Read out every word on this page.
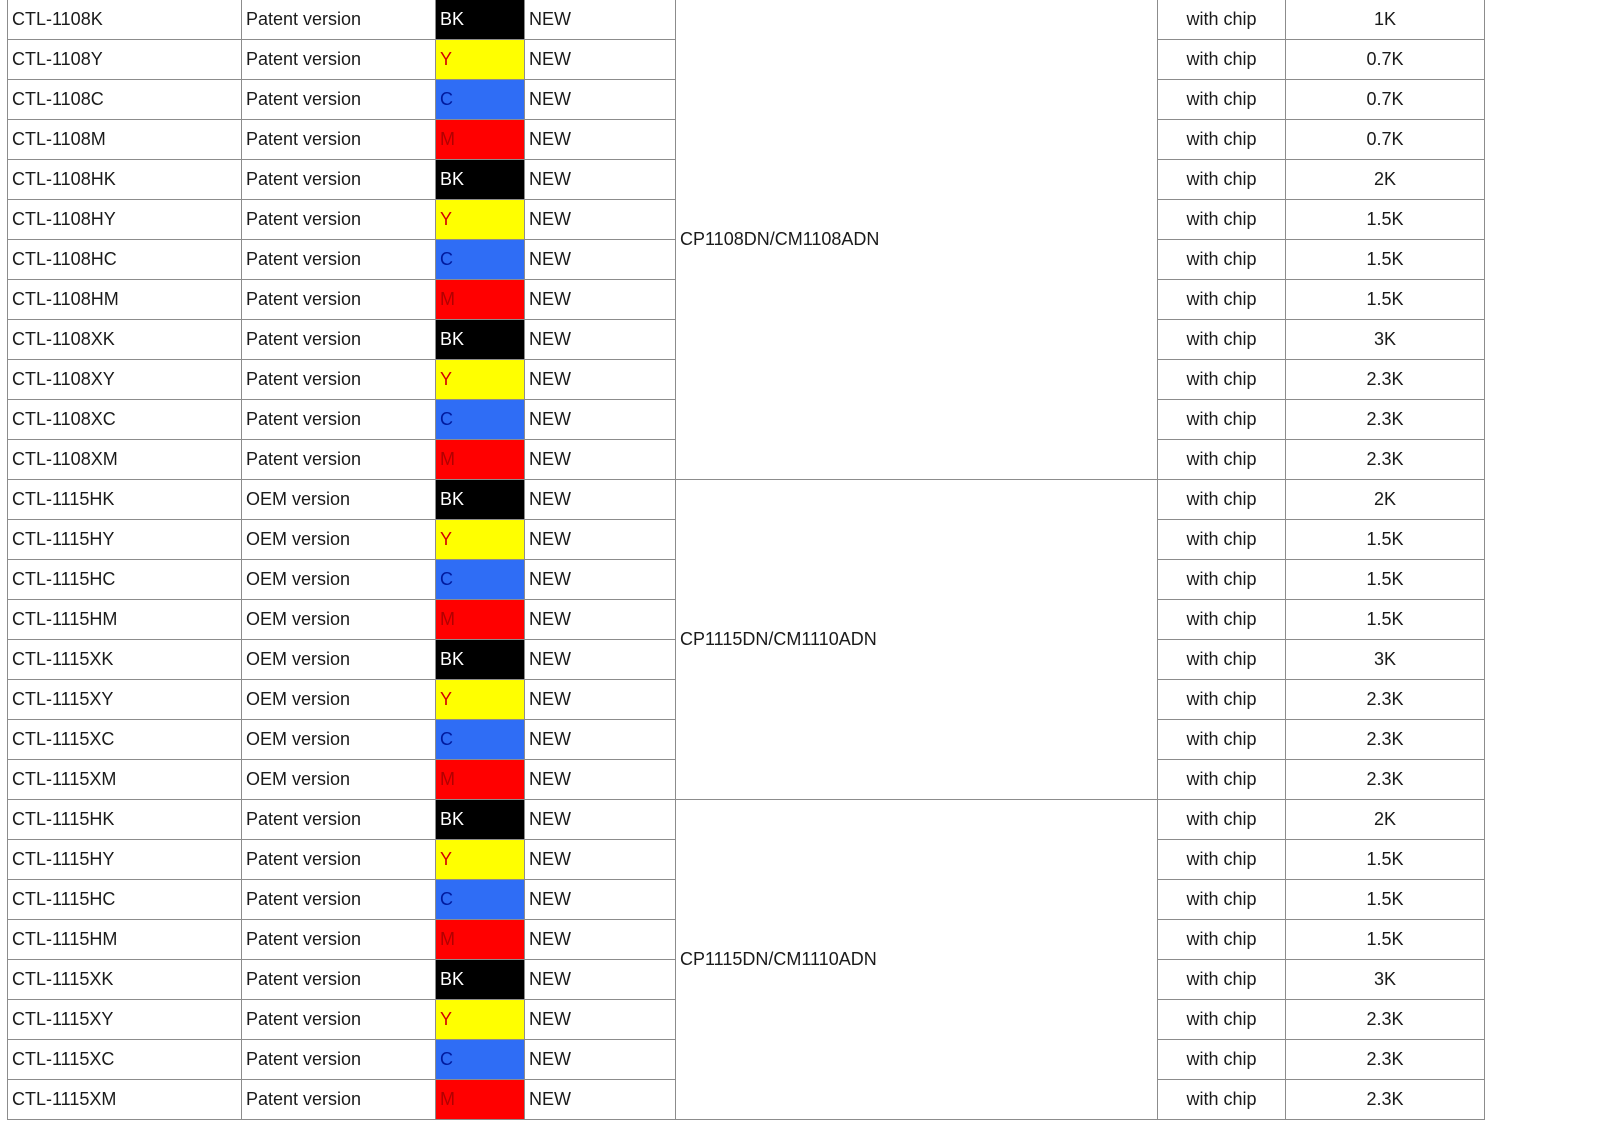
CTL-1108K	Patent version	BK	NEW	CP1108DN/CM1108ADN	with chip	1K
CTL-1108Y	Patent version	Y	NEW		with chip	0.7K
CTL-1108C	Patent version	C	NEW		with chip	0.7K
CTL-1108M	Patent version	M	NEW		with chip	0.7K
CTL-1108HK	Patent version	BK	NEW		with chip	2K
CTL-1108HY	Patent version	Y	NEW		with chip	1.5K
CTL-1108HC	Patent version	C	NEW		with chip	1.5K
CTL-1108HM	Patent version	M	NEW		with chip	1.5K
CTL-1108XK	Patent version	BK	NEW		with chip	3K
CTL-1108XY	Patent version	Y	NEW		with chip	2.3K
CTL-1108XC	Patent version	C	NEW		with chip	2.3K
CTL-1108XM	Patent version	M	NEW		with chip	2.3K
CTL-1115HK	OEM version	BK	NEW	CP1115DN/CM1110ADN	with chip	2K
CTL-1115HY	OEM version	Y	NEW		with chip	1.5K
CTL-1115HC	OEM version	C	NEW		with chip	1.5K
CTL-1115HM	OEM version	M	NEW		with chip	1.5K
CTL-1115XK	OEM version	BK	NEW		with chip	3K
CTL-1115XY	OEM version	Y	NEW		with chip	2.3K
CTL-1115XC	OEM version	C	NEW		with chip	2.3K
CTL-1115XM	OEM version	M	NEW		with chip	2.3K
CTL-1115HK	Patent version	BK	NEW	CP1115DN/CM1110ADN	with chip	2K
CTL-1115HY	Patent version	Y	NEW		with chip	1.5K
CTL-1115HC	Patent version	C	NEW		with chip	1.5K
CTL-1115HM	Patent version	M	NEW		with chip	1.5K
CTL-1115XK	Patent version	BK	NEW		with chip	3K
CTL-1115XY	Patent version	Y	NEW		with chip	2.3K
CTL-1115XC	Patent version	C	NEW		with chip	2.3K
CTL-1115XM	Patent version	M	NEW		with chip	2.3K
